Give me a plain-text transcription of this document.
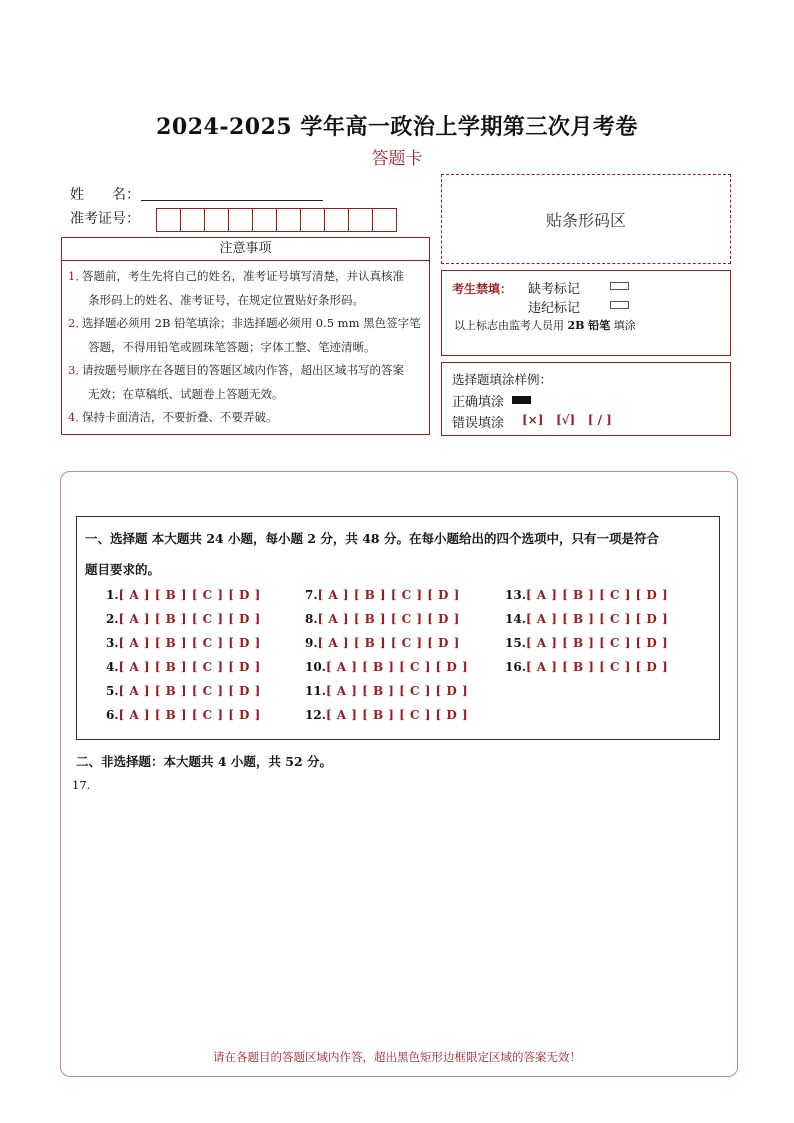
2024-2025 学年高一政治上学期第三次月考卷
答题卡
姓　　名：
准考证号：	贴条形码区
注意事项
1．
答题前，考生先将自己的姓名，准考证号填写清楚，并认真核准
条形码上的姓名、准考证号，在规定位置贴好条形码。
2．
选择题必须用 2B 铅笔填涂；非选择题必须用 0.5 mm 黑色签字笔
答题，不得用铅笔或圆珠笔答题；字体工整、笔迹清晰。
3．
请按题号顺序在各题目的答题区域内作答，超出区域书写的答案
无效；在草稿纸、试题卷上答题无效。
4．
保持卡面清洁，不要折叠、不要弄破。
考生禁填： 缺考标记
违纪标记
以上标志由监考人员用 2B 铅笔 填涂
选择题填涂样例：
正确填涂
错误填涂 [×] [√] [ / ]
一、选择题 本大题共 24 小题，每小题 2 分，共 48 分。在每小题给出的四个选项中，只有一项是符合
题目要求的。
1.[ A ] [ B ] [ C ] [ D ]
2.[ A ] [ B ] [ C ] [ D ]
3.[ A ] [ B ] [ C ] [ D ]
4.[ A ] [ B ] [ C ] [ D ]
5.[ A ] [ B ] [ C ] [ D ]
6.[ A ] [ B ] [ C ] [ D ]
7.[ A ] [ B ] [ C ] [ D ]
8.[ A ] [ B ] [ C ] [ D ]
9.[ A ] [ B ] [ C ] [ D ]
10.[ A ] [ B ] [ C ] [ D ]
11.[ A ] [ B ] [ C ] [ D ]
12.[ A ] [ B ] [ C ] [ D ]
13.[ A ] [ B ] [ C ] [ D ]
14.[ A ] [ B ] [ C ] [ D ]
15.[ A ] [ B ] [ C ] [ D ]
16.[ A ] [ B ] [ C ] [ D ]
二、非选择题：本大题共 4 小题，共 52 分。
17.
请在各题目的答题区域内作答，超出黑色矩形边框限定区域的答案无效！
